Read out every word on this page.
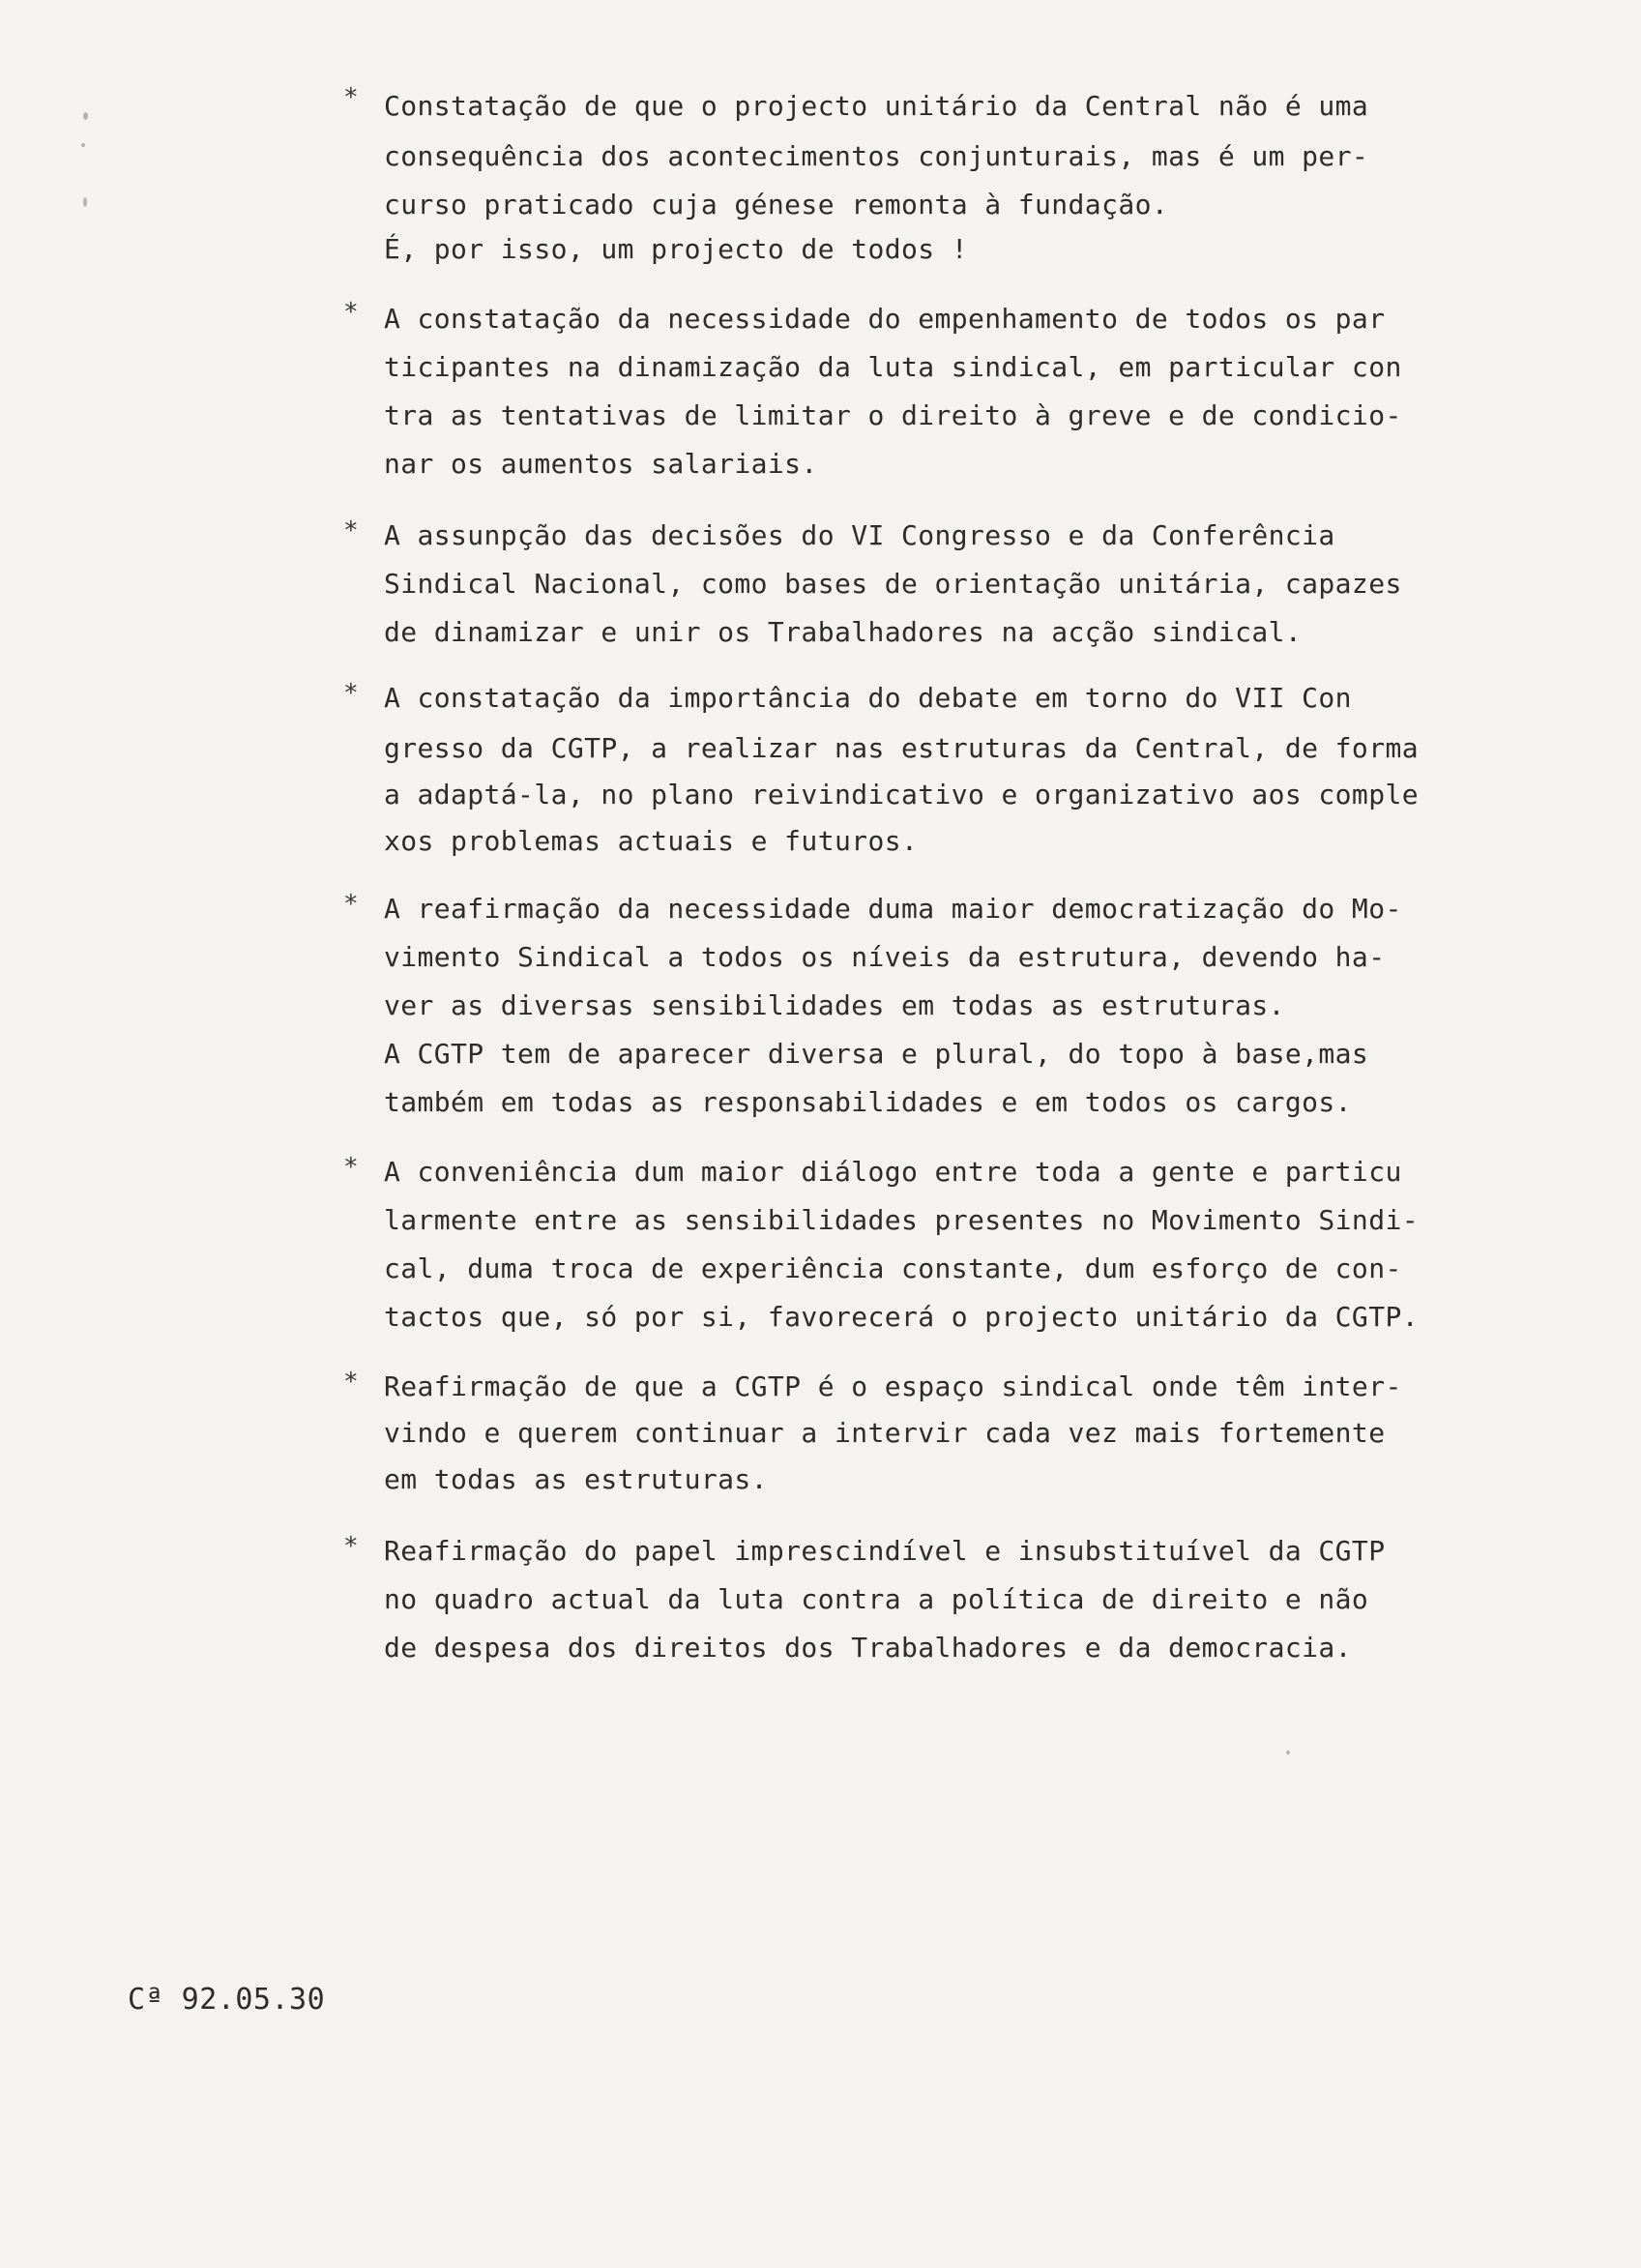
* Constatação de que o projecto unitário da Central não é uma
consequência dos acontecimentos conjunturais, mas é um per-
curso praticado cuja génese remonta à fundação.
É, por isso, um projecto de todos !
* A constatação da necessidade do empenhamento de todos os par
ticipantes na dinamização da luta sindical, em particular con
tra as tentativas de limitar o direito à greve e de condicio-
nar os aumentos salariais.
* A assunpção das decisões do VI Congresso e da Conferência
Sindical Nacional, como bases de orientação unitária, capazes
de dinamizar e unir os Trabalhadores na acção sindical.
* A constatação da importância do debate em torno do VII Con
gresso da CGTP, a realizar nas estruturas da Central, de forma
a adaptá-la, no plano reivindicativo e organizativo aos comple
xos problemas actuais e futuros.
* A reafirmação da necessidade duma maior democratização do Mo-
vimento Sindical a todos os níveis da estrutura, devendo ha-
ver as diversas sensibilidades em todas as estruturas.
A CGTP tem de aparecer diversa e plural, do topo à base,mas
também em todas as responsabilidades e em todos os cargos.
* A conveniência dum maior diálogo entre toda a gente e particu
larmente entre as sensibilidades presentes no Movimento Sindi-
cal, duma troca de experiência constante, dum esforço de con-
tactos que, só por si, favorecerá o projecto unitário da CGTP.
* Reafirmação de que a CGTP é o espaço sindical onde têm inter-
vindo e querem continuar a intervir cada vez mais fortemente
em todas as estruturas.
* Reafirmação do papel imprescindível e insubstituível da CGTP
no quadro actual da luta contra a política de direito e não
de despesa dos direitos dos Trabalhadores e da democracia.
Cª 92.05.30
